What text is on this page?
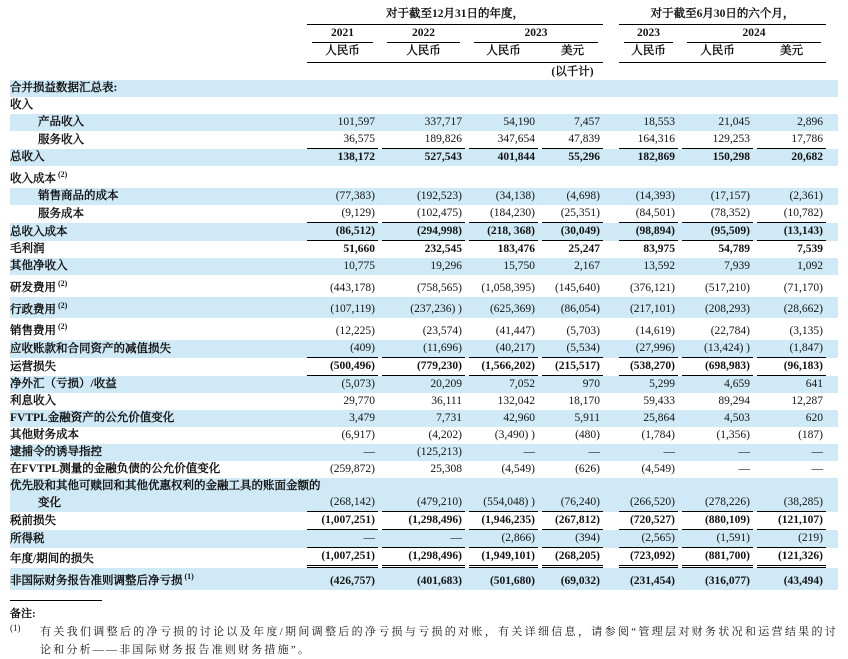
对于截至12月31日的年度，	对于截至6月30日的六个月，
2021	2022	2023	2023	2024
人民币	人民币	人民币	美元	人民币	人民币	美元
(以千计)
合并损益数据汇总表:
收入
产品收入	101,597	337,717	54,190	7,457	18,553	21,045	2,896
服务收入	36,575	189,826	347,654	47,839	164,316	129,253	17,786
总收入	138,172	527,543	401,844	55,296	182,869	150,298	20,682
收入成本 $^{(2)}$
销售商品的成本	(77,383)	(192,523)	(34,138)	(4,698)	(14,393)	(17,157)	(2,361)
服务成本	(9,129)	(102,475)	(184,230)	(25,351)	(84,501)	(78,352)	(10,782)
总收入成本	(86,512)	(294,998)	(218, 368)	(30,049)	(98,894)	(95,509)	(13,143)
毛利润	51,660	232,545	183,476	25,247	83,975	54,789	7,539
其他净收入	10,775	19,296	15,750	2,167	13,592	7,939	1,092
研发费用 $^{(2)}$	(443,178)	(758,565)	(1,058,395)	(145,640)	(376,121)	(517,210)	(71,170)
行政费用 $^{(2)}$	(107,119)	(237,236) )	(625,369)	(86,054)	(217,101)	(208,293)	(28,662)
销售费用 $^{(2)}$	(12,225)	(23,574)	(41,447)	(5,703)	(14,619)	(22,784)	(3,135)
应收账款和合同资产的减值损失	(409)	(11,696)	(40,217)	(5,534)	(27,996)	(13,424) )	(1,847)
运营损失	(500,496)	(779,230)	(1,566,202)	(215,517)	(538,270)	(698,983)	(96,183)
净外汇（亏损）/收益	(5,073)	20,209	7,052	970	5,299	4,659	641
利息收入	29,770	36,111	132,042	18,170	59,433	89,294	12,287
FVTPL金融资产的公允价值变化	3,479	7,731	42,960	5,911	25,864	4,503	620
其他财务成本	(6,917)	(4,202)	(3,490) )	(480)	(1,784)	(1,356)	(187)
逮捕令的诱导指控	—	(125,213)	—	—	—	—	—
在FVTPL测量的金融负债的公允价值变化	(259,872)	25,308	(4,549)	(626)	(4,549)	—	—
优先股和其他可赎回和其他优惠权利的金融工具的账面金额的
变化	(268,142)	(479,210)	(554,048) )	(76,240)	(266,520)	(278,226)	(38,285)
税前损失	(1,007,251)	(1,298,496)	(1,946,235)	(267,812)	(720,527)	(880,109)	(121,107)
所得税	—	—	(2,866)	(394)	(2,565)	(1,591)	(219)
年度/期间的损失	(1,007,251)	(1,298,496)	(1,949,101)	(268,205)	(723,092)	(881,700)	(121,326)
非国际财务报告准则调整后净亏损 $^{(1)}$	(426,757)	(401,683)	(501,680)	(69,032)	(231,454)	(316,077)	(43,494)
备注:
(1) 有关我们调整后的净亏损的讨论以及年度/期间调整后的净亏损与亏损的对账，有关详细信息，请参阅“管理层对财务状况和运营结果的讨论和分析——非国际财务报告准则财务措施”。
